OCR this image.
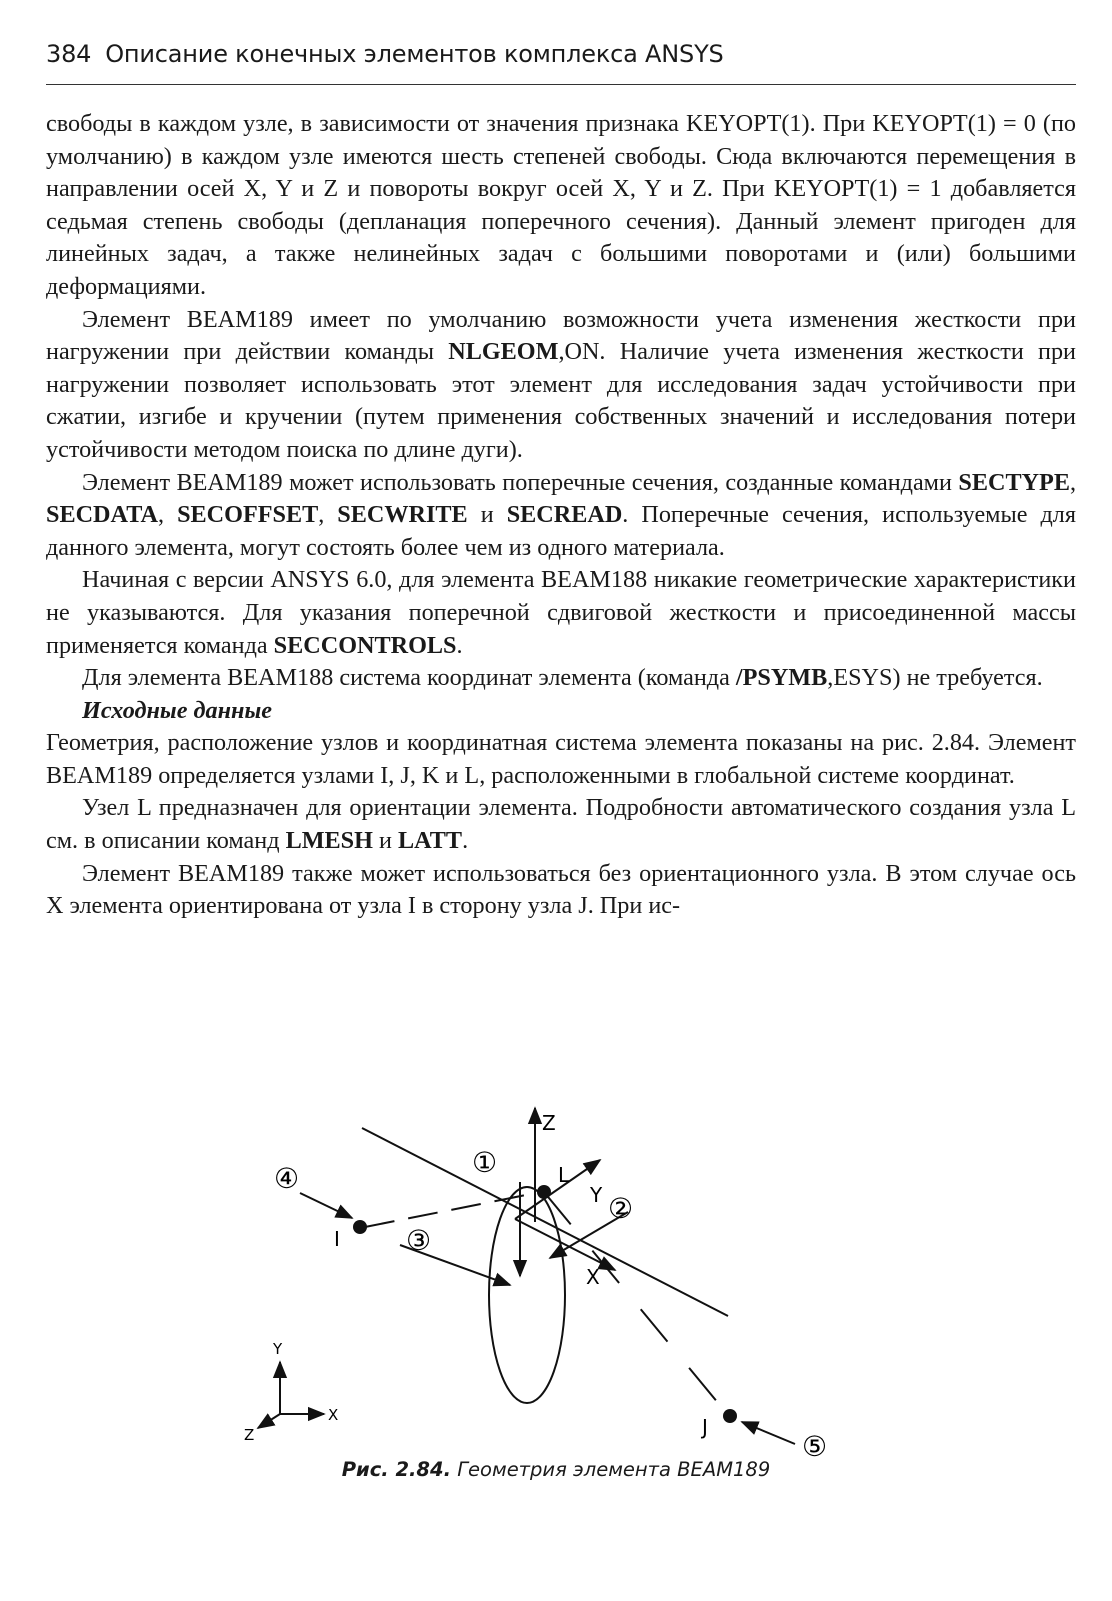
384 Описание конечных элементов комплекса ANSYS

свободы в каждом узле, в зависимости от значения признака KEYOPT(1). При KEYOPT(1) = 0 (по умолчанию) в каждом узле имеются шесть степеней свободы. Сюда включаются перемещения в направлении осей X, Y и Z и повороты вокруг осей X, Y и Z. При KEYOPT(1) = 1 добавляется седьмая степень свободы (депланация поперечного сечения). Данный элемент пригоден для линейных задач, а также нелинейных задач с большими поворотами и (или) большими деформациями.

Элемент BEAM189 имеет по умолчанию возможности учета изменения жесткости при нагружении при действии команды NLGEOM,ON. Наличие учета изменения жесткости при нагружении позволяет использовать этот элемент для исследования задач устойчивости при сжатии, изгибе и кручении (путем применения собственных значений и исследования потери устойчивости методом поиска по длине дуги).

Элемент BEAM189 может использовать поперечные сечения, созданные командами SECTYPE, SECDATA, SECOFFSET, SECWRITE и SECREAD. Поперечные сечения, используемые для данного элемента, могут состоять более чем из одного материала.

Начиная с версии ANSYS 6.0, для элемента BEAM188 никакие геометрические характеристики не указываются. Для указания поперечной сдвиговой жесткости и присоединенной массы применяется команда SECCONTROLS.

Для элемента BEAM188 система координат элемента (команда /PSYMB,ESYS) не требуется.

Исходные данные

Геометрия, расположение узлов и координатная система элемента показаны на рис. 2.84. Элемент BEAM189 определяется узлами I, J, K и L, расположенными в глобальной системе координат.

Узел L предназначен для ориентации элемента. Подробности автоматического создания узла L см. в описании команд LMESH и LATT.

Элемент BEAM189 также может использоваться без ориентационного узла. В этом случае ось X элемента ориентирована от узла I в сторону узла J. При ис-

I
L
J
Z
Y
X
①
②
③
④
⑤
Y
X
Z
Рис. 2.84. Геометрия элемента BEAM189
